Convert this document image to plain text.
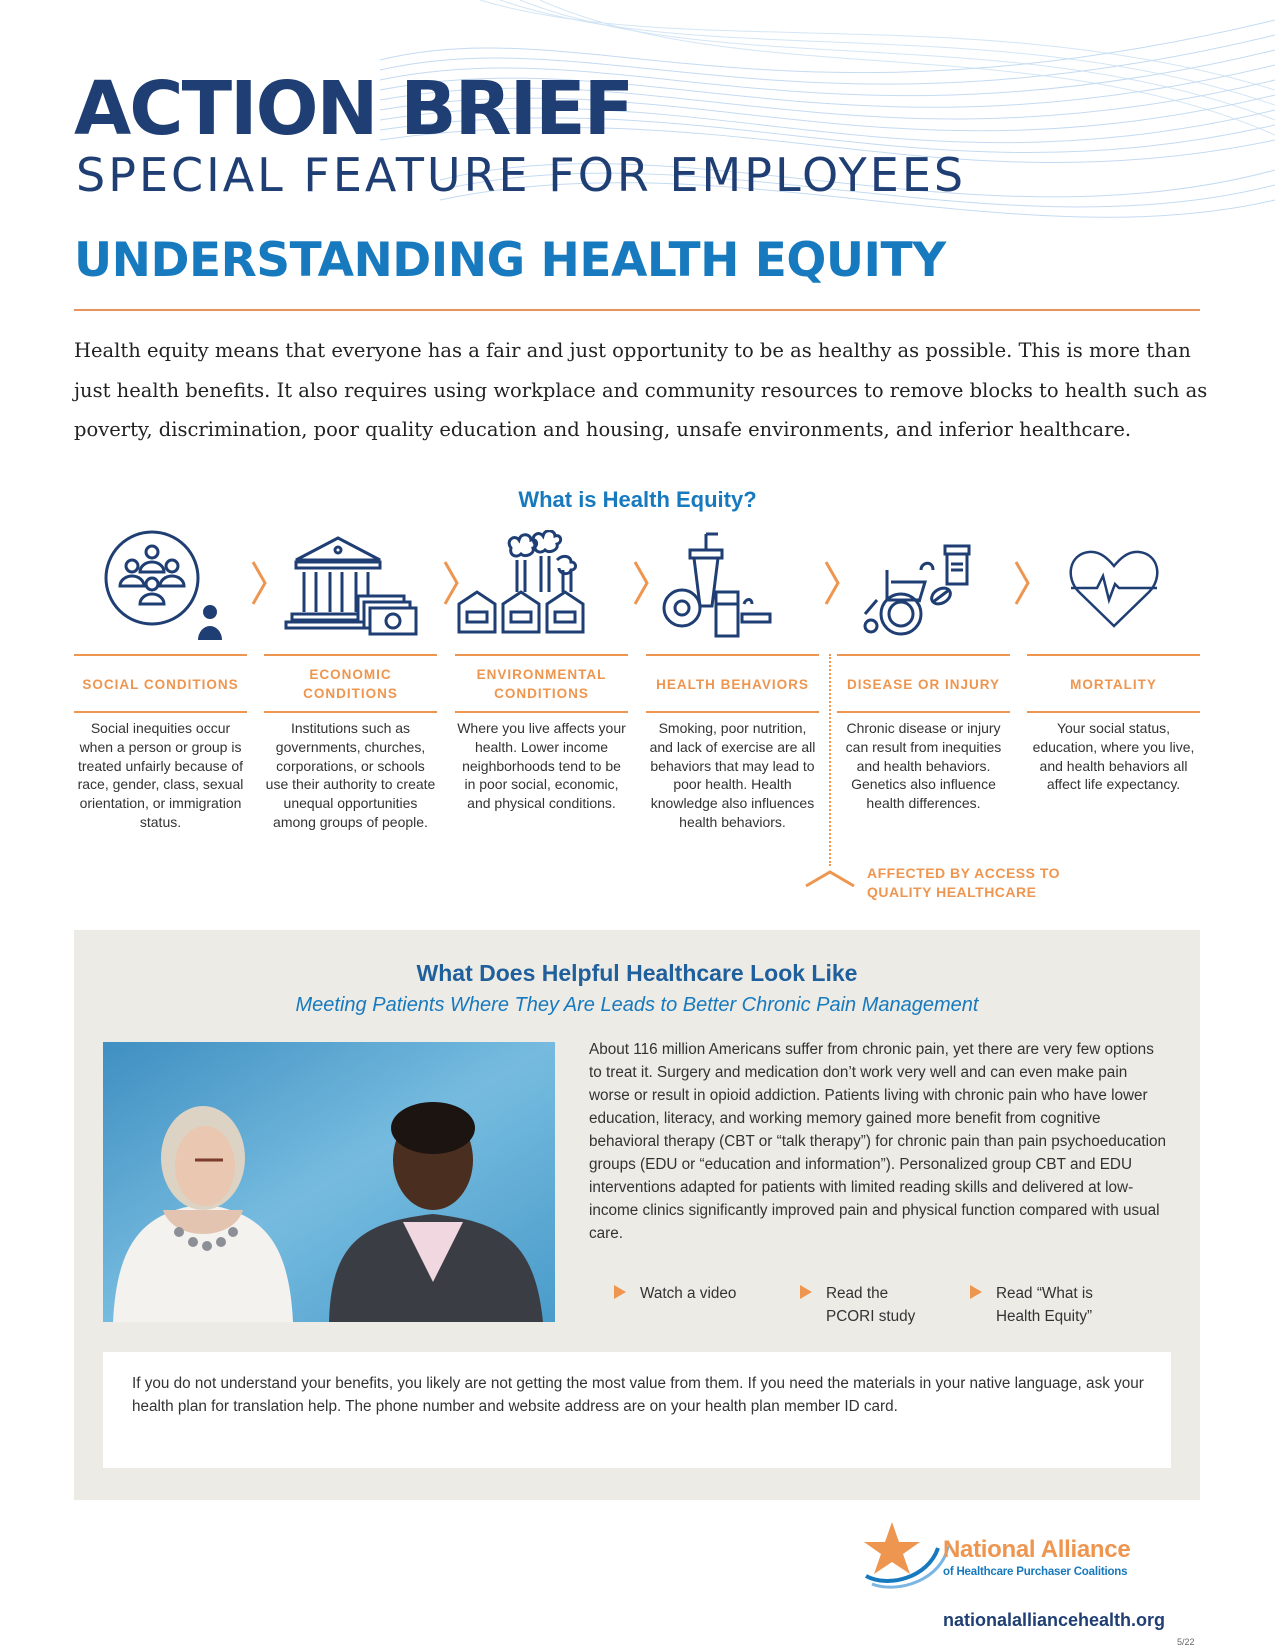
ACTION BRIEF
SPECIAL FEATURE FOR EMPLOYEES
UNDERSTANDING HEALTH EQUITY
Health equity means that everyone has a fair and just opportunity to be as healthy as possible. This is more than just health benefits. It also requires using workplace and community resources to remove blocks to health such as poverty, discrimination, poor quality education and housing, unsafe environments, and inferior healthcare.
What is Health Equity?
SOCIAL CONDITIONS
Social inequities occur when a person or group is treated unfairly because of race, gender, class, sexual orientation, or immigration status.
ECONOMIC CONDITIONS
Institutions such as governments, churches, corporations, or schools use their authority to create unequal opportunities among groups of people.
ENVIRONMENTAL CONDITIONS
Where you live affects your health. Lower income neighborhoods tend to be in poor social, economic, and physical conditions.
HEALTH BEHAVIORS
Smoking, poor nutrition, and lack of exercise are all behaviors that may lead to poor health. Health knowledge also influences health behaviors.
DISEASE OR INJURY
Chronic disease or injury can result from inequities and health behaviors. Genetics also influence health differences.
MORTALITY
Your social status, education, where you live, and health behaviors all affect life expectancy.
AFFECTED BY ACCESS TO QUALITY HEALTHCARE
What Does Helpful Healthcare Look Like
Meeting Patients Where They Are Leads to Better Chronic Pain Management
About 116 million Americans suffer from chronic pain, yet there are very few options to treat it. Surgery and medication don’t work very well and can even make pain worse or result in opioid addiction. Patients living with chronic pain who have lower education, literacy, and working memory gained more benefit from cognitive behavioral therapy (CBT or “talk therapy”) for chronic pain than pain psychoeducation groups (EDU or “education and information”). Personalized group CBT and EDU interventions adapted for patients with limited reading skills and delivered at low-income clinics significantly improved pain and physical function compared with usual care.
Watch a video	Read the PCORI study
Read “What is Health Equity”
If you do not understand your benefits, you likely are not getting the most value from them. If you need the materials in your native language, ask your health plan for translation help. The phone number and website address are on your health plan member ID card.
National Alliance
of Healthcare Purchaser Coalitions
nationalalliancehealth.org
5/22
